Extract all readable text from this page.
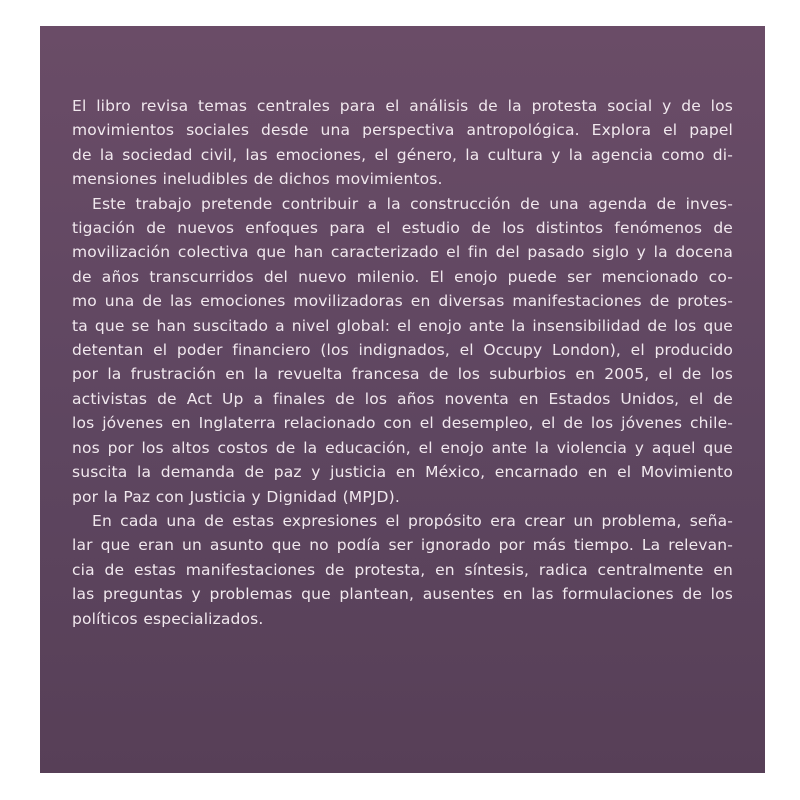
El libro revisa temas centrales para el análisis de la protesta social y de los
movimientos sociales desde una perspectiva antropológica. Explora el papel
de la sociedad civil, las emociones, el género, la cultura y la agencia como di-
mensiones ineludibles de dichos movimientos.

Este trabajo pretende contribuir a la construcción de una agenda de inves-
tigación de nuevos enfoques para el estudio de los distintos fenómenos de
movilización colectiva que han caracterizado el fin del pasado siglo y la docena
de años transcurridos del nuevo milenio. El enojo puede ser mencionado co-
mo una de las emociones movilizadoras en diversas manifestaciones de protes-
ta que se han suscitado a nivel global: el enojo ante la insensibilidad de los que
detentan el poder financiero (los indignados, el Occupy London), el producido
por la frustración en la revuelta francesa de los suburbios en 2005, el de los
activistas de Act Up a finales de los años noventa en Estados Unidos, el de
los jóvenes en Inglaterra relacionado con el desempleo, el de los jóvenes chile-
nos por los altos costos de la educación, el enojo ante la violencia y aquel que
suscita la demanda de paz y justicia en México, encarnado en el Movimiento
por la Paz con Justicia y Dignidad (MPJD).

En cada una de estas expresiones el propósito era crear un problema, seña-
lar que eran un asunto que no podía ser ignorado por más tiempo. La relevan-
cia de estas manifestaciones de protesta, en síntesis, radica centralmente en
las preguntas y problemas que plantean, ausentes en las formulaciones de los
políticos especializados.
